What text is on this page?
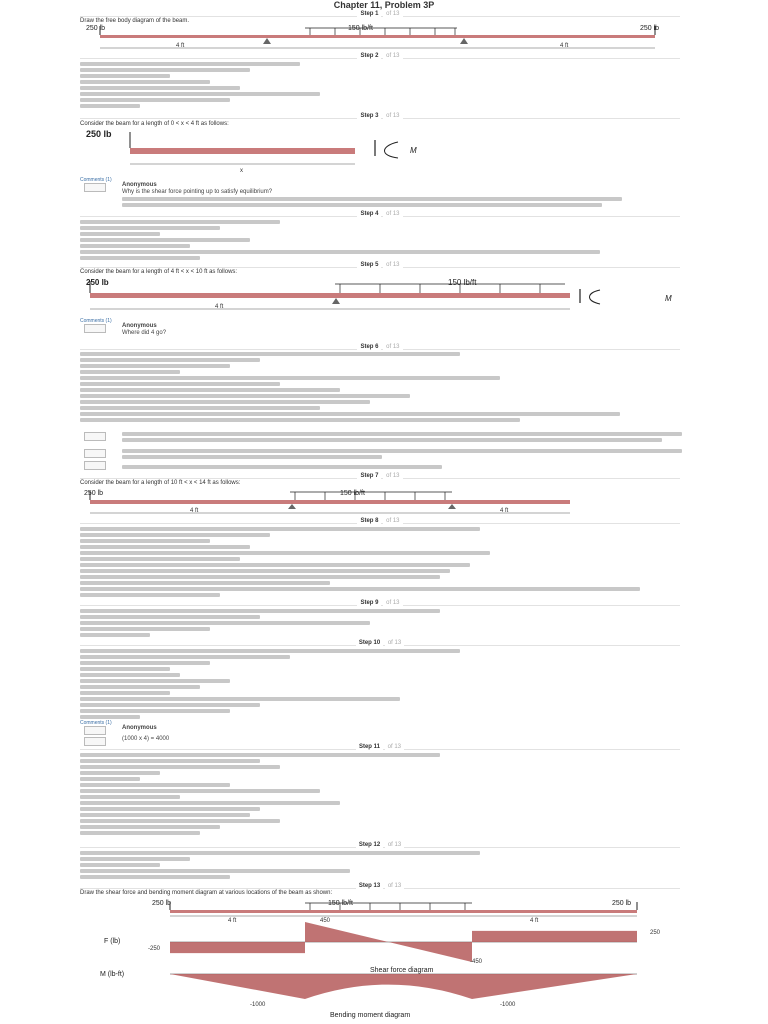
Chapter 11, Problem 3P
Step 1 of 13
Draw the free body diagram of the beam.
250 lb	250 lb
150 lb/ft
4 ft	4 ft
Step 2 of 13
Step 3 of 13
Consider the beam for a length of 0 < x < 4 ft as follows:
250 lb
x
M
Comments (1)
Anonymous
Why is the shear force pointing up to satisfy equilibrium?
Step 4 of 13
Step 5 of 13
Consider the beam for a length of 4 ft < x < 10 ft as follows:
250 lb	150 lb/ft
4 ft
M
Comments (1)
Anonymous
Where did 4 go?
Step 6 of 13
Step 7 of 13
Consider the beam for a length of 10 ft < x < 14 ft as follows:
250 lb	150 lb/ft
4 ft	4 ft
Step 8 of 13
Step 9 of 13
Step 10 of 13
Comments (1)
Anonymous
(1000 x 4) = 4000
Step 11 of 13
Step 12 of 13
Step 13 of 13
Draw the shear force and bending moment diagram at various locations of the beam as shown:
250 lb	250 lb
150 lb/ft
4 ft	4 ft
F (lb)
-250
450
-450
250
Shear force diagram
M (lb-ft)
-1000	-1000
Bending moment diagram
